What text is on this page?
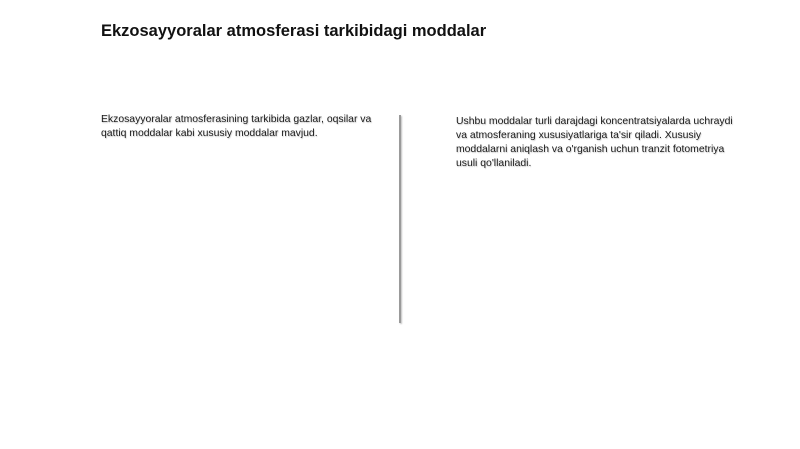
Ekzosayyoralar atmosferasi tarkibidagi moddalar
Ekzosayyoralar atmosferasining tarkibida gazlar, oqsilar va qattiq moddalar kabi xususiy moddalar mavjud.
Ushbu moddalar turli darajdagi koncentratsiyalarda uchraydi va atmosferaning xususiyatlariga ta'sir qiladi. Xususiy moddalarni aniqlash va o'rganish uchun tranzit fotometriya usuli qo'llaniladi.
